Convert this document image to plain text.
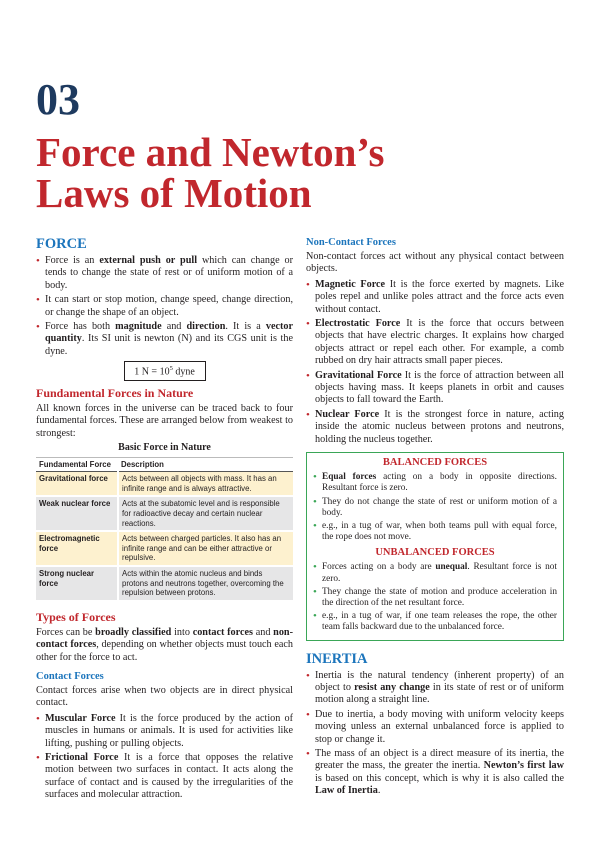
03
Force and Newton’s
Laws of Motion
FORCE
• Force is an external push or pull which can change or tends to change the state of rest or of uniform motion of a body.
• It can start or stop motion, change speed, change direction, or change the shape of an object.
• Force has both magnitude and direction. It is a vector quantity. Its SI unit is newton (N) and its CGS unit is the dyne.
1 $N = 10^5$ dyne
Fundamental Forces in Nature

All known forces in the universe can be traced back to four fundamental forces. These are arranged below from weakest to strongest:

Basic Force in Nature
Fundamental Force	Description
Gravitational force	Acts between all objects with mass. It has an infinite range and is always attractive.

Weak nuclear force	Acts at the subatomic level and is responsible for radioactive decay and certain nuclear reactions.

Electromagnetic force	Acts between charged particles. It also has an infinite range and can be either attractive or repulsive.

Strong nuclear force	Acts within the atomic nucleus and binds protons and neutrons together, overcoming the repulsion between protons.
Types of Forces

Forces can be broadly classified into contact forces and non-contact forces, depending on whether objects must touch each other for the force to act.

Contact Forces

Contact forces arise when two objects are in direct physical contact.

• Muscular Force It is the force produced by the action of muscles in humans or animals. It is used for activities like lifting, pushing or pulling objects.
• Frictional Force It is a force that opposes the relative motion between two surfaces in contact. It acts along the surface of contact and is caused by the irregularities of the surfaces and molecular attraction.
Non-Contact Forces

Non-contact forces act without any physical contact between objects.

• Magnetic Force It is the force exerted by magnets. Like poles repel and unlike poles attract and the force acts even without contact.
• Electrostatic Force It is the force that occurs between objects that have electric charges. It explains how charged objects attract or repel each other. For example, a comb rubbed on dry hair attracts small paper pieces.
• Gravitational Force It is the force of attraction between all objects having mass. It keeps planets in orbit and causes objects to fall toward the Earth.
• Nuclear Force It is the strongest force in nature, acting inside the atomic nucleus between protons and neutrons, holding the nucleus together.
BALANCED FORCES
• Equal forces acting on a body in opposite directions. Resultant force is zero.
• They do not change the state of rest or uniform motion of a body.
• e.g., in a tug of war, when both teams pull with equal force, the rope does not move.
UNBALANCED FORCES
• Forces acting on a body are unequal. Resultant force is not zero.
• They change the state of motion and produce acceleration in the direction of the net resultant force.
• e.g., in a tug of war, if one team releases the rope, the other team falls backward due to the unbalanced force.
INERTIA
• Inertia is the natural tendency (inherent property) of an object to resist any change in its state of rest or of uniform motion along a straight line.
• Due to inertia, a body moving with uniform velocity keeps moving unless an external unbalanced force is applied to stop or change it.
• The mass of an object is a direct measure of its inertia, the greater the mass, the greater the inertia. Newton’s first law is based on this concept, which is why it is also called the Law of Inertia.
